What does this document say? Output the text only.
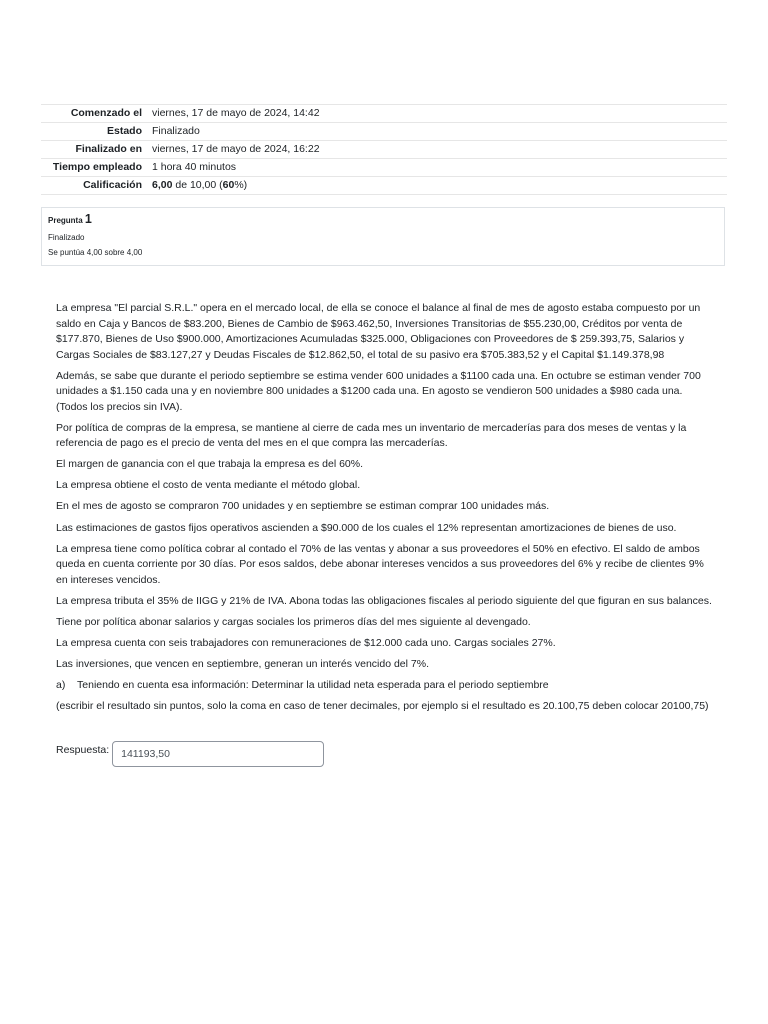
Comenzado el	viernes, 17 de mayo de 2024, 14:42
Estado	Finalizado
Finalizado en	viernes, 17 de mayo de 2024, 16:22
Tiempo empleado	1 hora 40 minutos
Calificación	6,00 de 10,00 (60%)
Pregunta 1
Finalizado
Se puntúa 4,00 sobre 4,00

La empresa "El parcial S.R.L." opera en el mercado local, de ella se conoce el balance al final de mes de agosto estaba compuesto por un saldo en Caja y Bancos de $83.200, Bienes de Cambio de $963.462,50, Inversiones Transitorias de $55.230,00, Créditos por venta de $177.870, Bienes de Uso $900.000, Amortizaciones Acumuladas $325.000, Obligaciones con Proveedores de $ 259.393,75, Salarios y Cargas Sociales de $83.127,27 y Deudas Fiscales de $12.862,50, el total de su pasivo era $705.383,52 y el Capital $1.149.378,98

Además, se sabe que durante el periodo septiembre se estima vender 600 unidades a $1100 cada una. En octubre se estiman vender 700 unidades a $1.150 cada una y en noviembre 800 unidades a $1200 cada una. En agosto se vendieron 500 unidades a $980 cada una. (Todos los precios sin IVA).

Por política de compras de la empresa, se mantiene al cierre de cada mes un inventario de mercaderías para dos meses de ventas y la referencia de pago es el precio de venta del mes en el que compra las mercaderías.

El margen de ganancia con el que trabaja la empresa es del 60%.

La empresa obtiene el costo de venta mediante el método global.

En el mes de agosto se compraron 700 unidades y en septiembre se estiman comprar 100 unidades más.

Las estimaciones de gastos fijos operativos ascienden a $90.000 de los cuales el 12% representan amortizaciones de bienes de uso.

La empresa tiene como política cobrar al contado el 70% de las ventas y abonar a sus proveedores el 50% en efectivo. El saldo de ambos queda en cuenta corriente por 30 días. Por esos saldos, debe abonar intereses vencidos a sus proveedores del 6% y recibe de clientes 9% en intereses vencidos.

La empresa tributa el 35% de IIGG y 21% de IVA. Abona todas las obligaciones fiscales al periodo siguiente del que figuran en sus balances.

Tiene por política abonar salarios y cargas sociales los primeros días del mes siguiente al devengado.

La empresa cuenta con seis trabajadores con remuneraciones de $12.000 cada uno. Cargas sociales 27%.

Las inversiones, que vencen en septiembre, generan un interés vencido del 7%.

a) Teniendo en cuenta esa información: Determinar la utilidad neta esperada para el periodo septiembre

(escribir el resultado sin puntos, solo la coma en caso de tener decimales, por ejemplo si el resultado es 20.100,75 deben colocar 20100,75)

Respuesta:	141193,50
